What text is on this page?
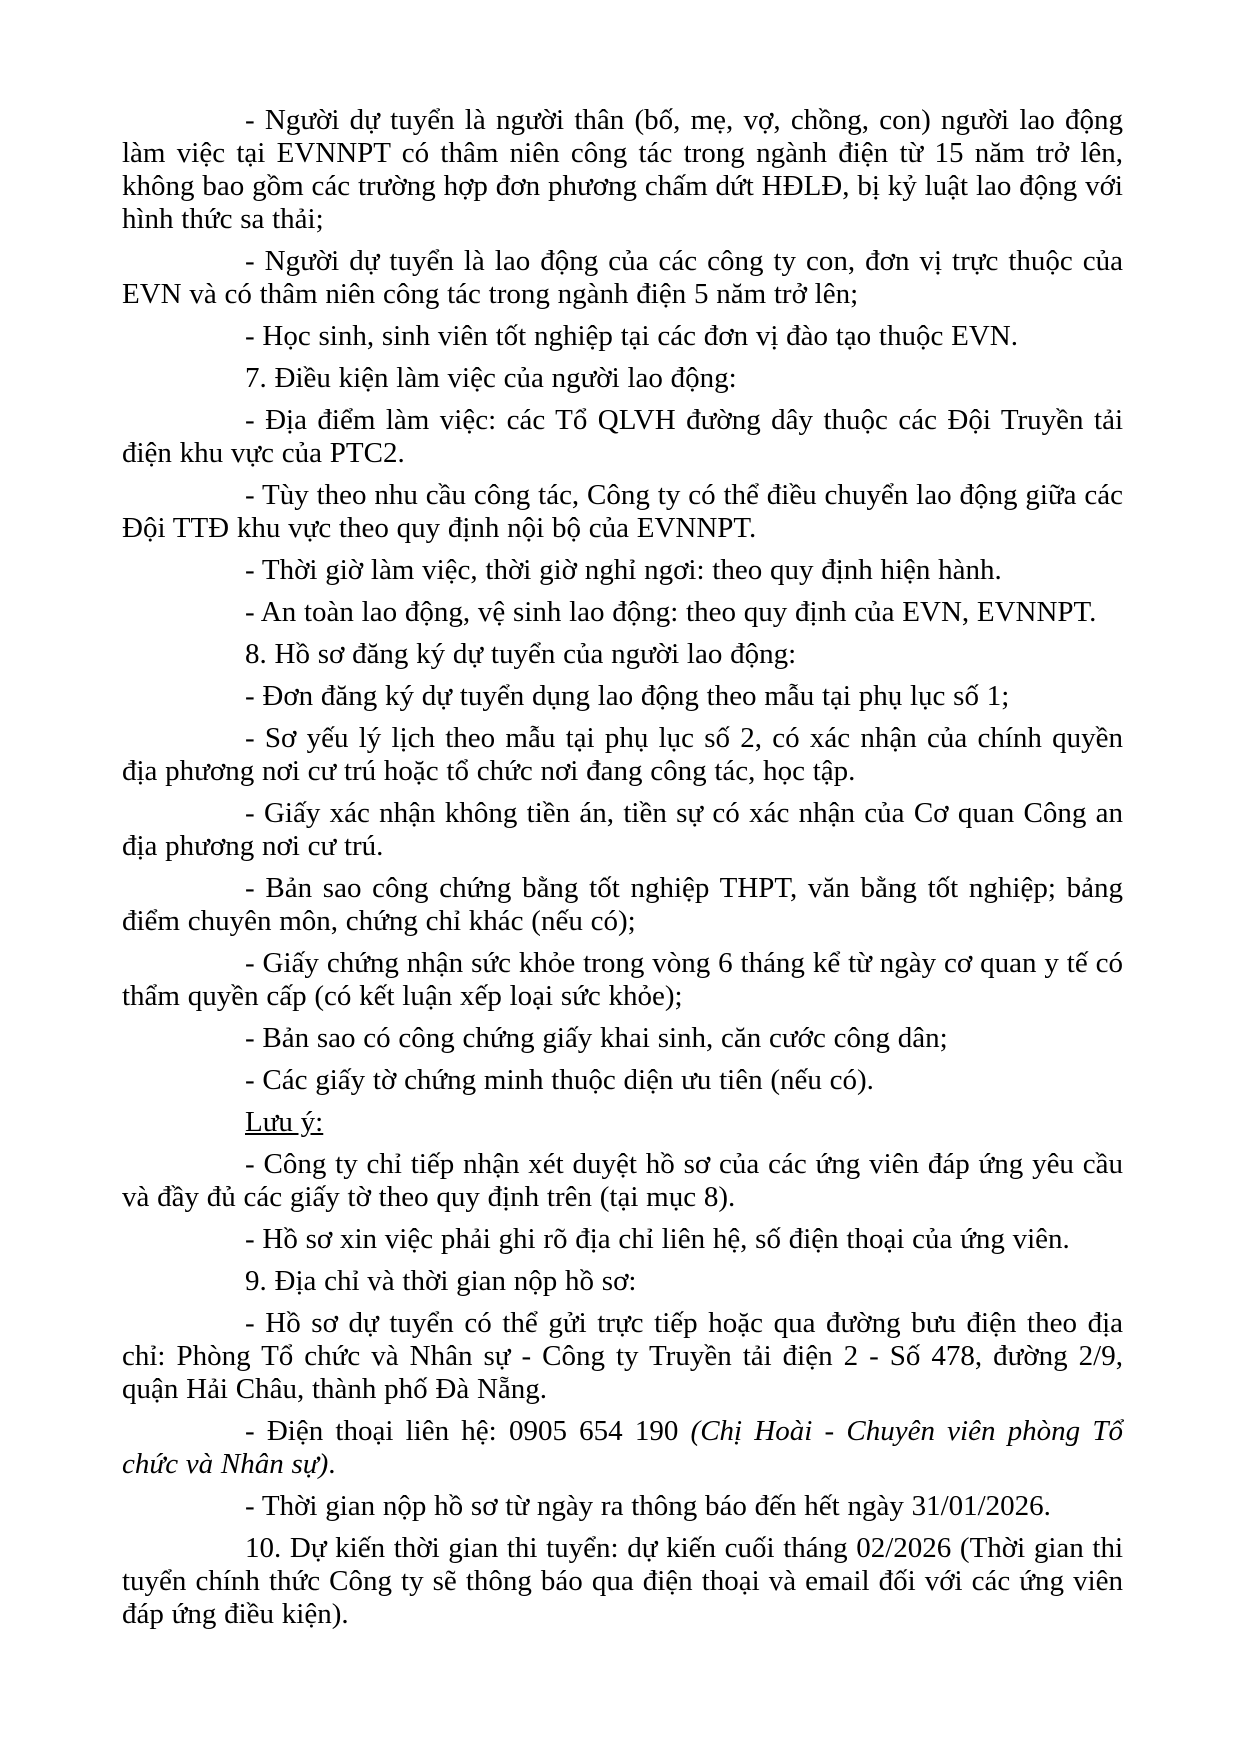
- Người dự tuyển là người thân (bố, mẹ, vợ, chồng, con) người lao động làm việc tại EVNNPT có thâm niên công tác trong ngành điện từ 15 năm trở lên, không bao gồm các trường hợp đơn phương chấm dứt HĐLĐ, bị kỷ luật lao động với hình thức sa thải;

- Người dự tuyển là lao động của các công ty con, đơn vị trực thuộc của EVN và có thâm niên công tác trong ngành điện 5 năm trở lên;

- Học sinh, sinh viên tốt nghiệp tại các đơn vị đào tạo thuộc EVN.

7. Điều kiện làm việc của người lao động:

- Địa điểm làm việc: các Tổ QLVH đường dây thuộc các Đội Truyền tải điện khu vực của PTC2.

- Tùy theo nhu cầu công tác, Công ty có thể điều chuyển lao động giữa các Đội TTĐ khu vực theo quy định nội bộ của EVNNPT.

- Thời giờ làm việc, thời giờ nghỉ ngơi: theo quy định hiện hành.

- An toàn lao động, vệ sinh lao động: theo quy định của EVN, EVNNPT.

8. Hồ sơ đăng ký dự tuyển của người lao động:

- Đơn đăng ký dự tuyển dụng lao động theo mẫu tại phụ lục số 1;

- Sơ yếu lý lịch theo mẫu tại phụ lục số 2, có xác nhận của chính quyền địa phương nơi cư trú hoặc tổ chức nơi đang công tác, học tập.

- Giấy xác nhận không tiền án, tiền sự có xác nhận của Cơ quan Công an địa phương nơi cư trú.

- Bản sao công chứng bằng tốt nghiệp THPT, văn bằng tốt nghiệp; bảng điểm chuyên môn, chứng chỉ khác (nếu có);

- Giấy chứng nhận sức khỏe trong vòng 6 tháng kể từ ngày cơ quan y tế có thẩm quyền cấp (có kết luận xếp loại sức khỏe);

- Bản sao có công chứng giấy khai sinh, căn cước công dân;

- Các giấy tờ chứng minh thuộc diện ưu tiên (nếu có).

Lưu ý:

- Công ty chỉ tiếp nhận xét duyệt hồ sơ của các ứng viên đáp ứng yêu cầu và đầy đủ các giấy tờ theo quy định trên (tại mục 8).

- Hồ sơ xin việc phải ghi rõ địa chỉ liên hệ, số điện thoại của ứng viên.

9. Địa chỉ và thời gian nộp hồ sơ:

- Hồ sơ dự tuyển có thể gửi trực tiếp hoặc qua đường bưu điện theo địa chỉ: Phòng Tổ chức và Nhân sự - Công ty Truyền tải điện 2 - Số 478, đường 2/9, quận Hải Châu, thành phố Đà Nẵng.

- Điện thoại liên hệ: 0905 654 190 (Chị Hoài - Chuyên viên phòng Tổ chức và Nhân sự).

- Thời gian nộp hồ sơ từ ngày ra thông báo đến hết ngày 31/01/2026.

10. Dự kiến thời gian thi tuyển: dự kiến cuối tháng 02/2026 (Thời gian thi tuyển chính thức Công ty sẽ thông báo qua điện thoại và email đối với các ứng viên đáp ứng điều kiện).
